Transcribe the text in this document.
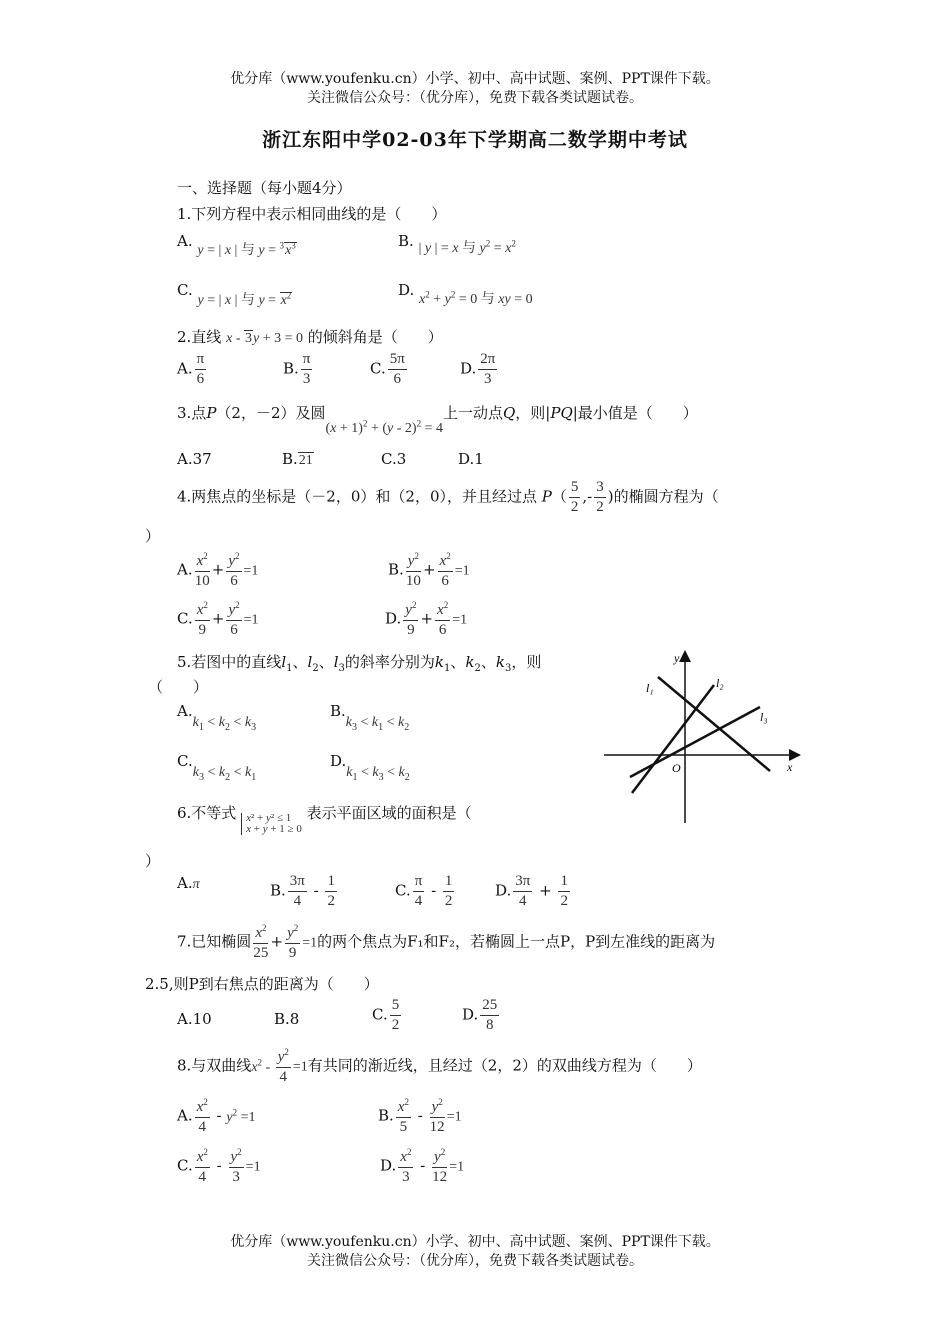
优分库（www.youfenku.cn）小学、初中、高中试题、案例、PPT课件下载。
关注微信公众号：（优分库），免费下载各类试题试卷。
浙江东阳中学02-03年下学期高二数学期中考试
一、选择题（每小题4分）
1.下列方程中表示相同曲线的是（　　）
A. y = | x | 与 $y = ^3x^3$	B. | y | = x 与 $y^2 = x^2$
C. y = | x | 与 $y = x^2$	D. $x^2 + y^2 = 0$ 与 xy = 0
2.直线 x - 3y + 3 = 0 的倾斜角是（　　）
A. $\frac{\pi}{6}$	B. $\frac{\pi}{3}$	C. $\frac{5\pi}{6}$	D. $\frac{2\pi}{3}$
3.点P（2，－2）及圆$(x + 1)^2 + (y - 2)^2 = 4$上一动点Q，则|PQ|最小值是（　　）
A.37	B.21	C.3	D.1
4.两焦点的坐标是（－2，0）和（2，0），并且经过点 $P( \frac{5}{2}$ ,- $\frac{3}{2}$ )的椭圆方程为（
）
A. $\frac{x^2}{10} + \frac{y^2}{6} =1$	B. $\frac{y^2}{10} + \frac{x^2}{6} =1$
C. $\frac{x^2}{9} + \frac{y^2}{6} =1$	D. $\frac{y^2}{9} + \frac{x^2}{6} =1$
5.若图中的直线$l_1$、$l_2$、$l_3$的斜率分别为$k_1$、$k_2$、$k_3$，则
（　　）
$A.k_1 < k_2 < k_3$
$B.k_3 < k_1 < k_2$
$C.k_3 < k_2 < k_1$
$D.k_1 < k_3 < k_2$
y
x
O
l₁	l₂
l₃
6.不等式 x² + y² ≤ 1
x + y + 1 ≥ 0 表示平面区域的面积是（
）
A.π	B. $\frac{3\pi}{4} - \frac{1}{2}$	C. $\frac{\pi}{4} - \frac{1}{2}$	D. $\frac{3\pi}{4} + \frac{1}{2}$
7.已知椭圆 $\frac{x^2}{25} + \frac{y^2}{9} =1$的两个焦点为F₁和F₂，若椭圆上一点P，P到左准线的距离为
2.5,则P到右焦点的距离为（　　）
A.10	B.8	C. $\frac{5}{2}$	D. $\frac{25}{8}$
8.与双曲线$x^2 - \frac{y^2}{4} =1$有共同的渐近线，且经过（2，2）的双曲线方程为（　　）
A. $\frac{x^2}{4} - y^2 =1$	B. $\frac{x^2}{5} - \frac{y^2}{12} =1$
C. $\frac{x^2}{4} - \frac{y^2}{3} =1$	D. $\frac{x^2}{3} - \frac{y^2}{12} =1$
优分库（www.youfenku.cn）小学、初中、高中试题、案例、PPT课件下载。
关注微信公众号：（优分库），免费下载各类试题试卷。
